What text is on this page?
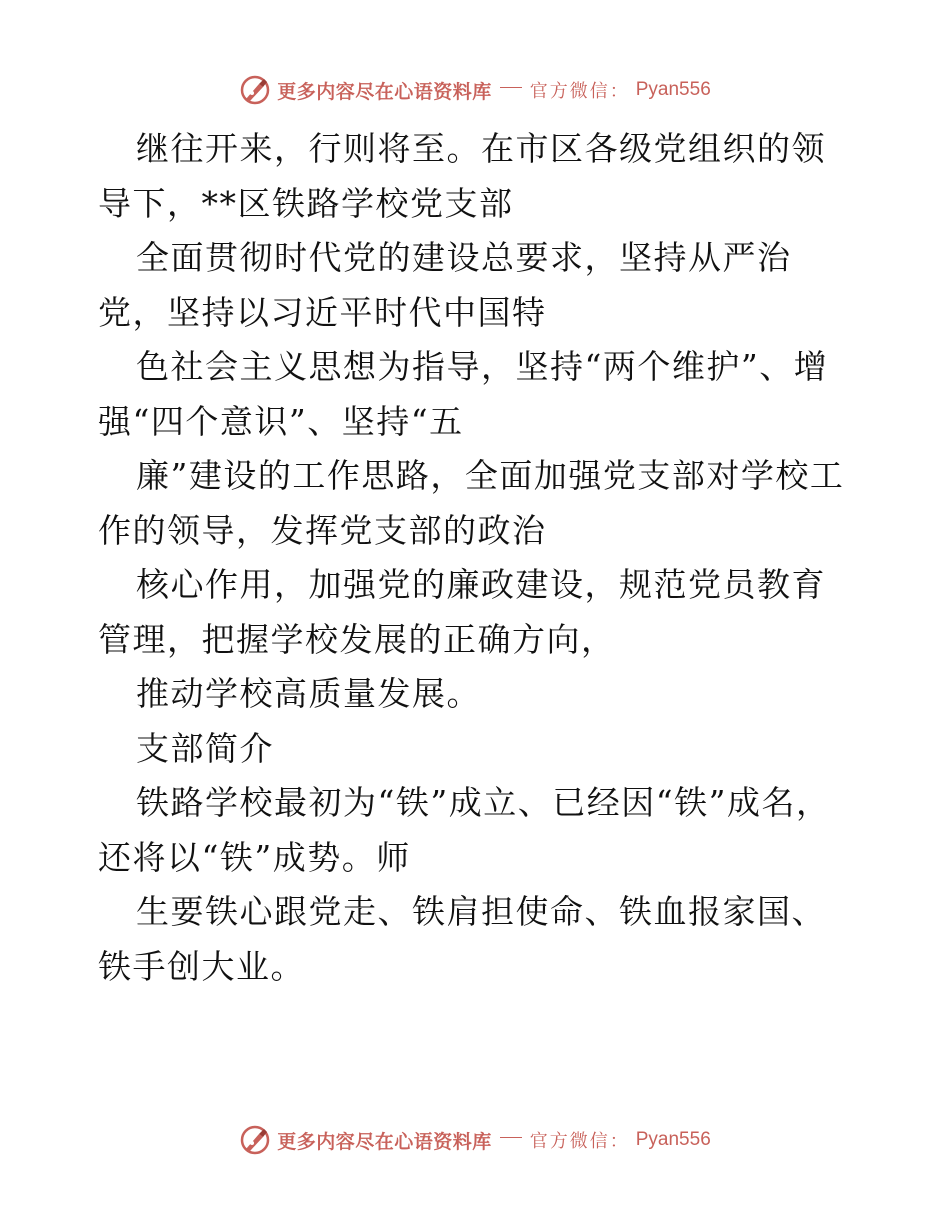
更多内容尽在心语资料库 官方微信： Pyan556

继往开来，行则将至。在市区各级党组织的领导下，**区铁路学校党支部

全面贯彻时代党的建设总要求，坚持从严治党，坚持以习近平时代中国特

色社会主义思想为指导，坚持“两个维护”、增强“四个意识”、坚持“五

廉”建设的工作思路，全面加强党支部对学校工作的领导，发挥党支部的政治

核心作用，加强党的廉政建设，规范党员教育管理，把握学校发展的正确方向，

推动学校高质量发展。

支部简介

铁路学校最初为“铁”成立、已经因“铁”成名，还将以“铁”成势。师

生要铁心跟党走、铁肩担使命、铁血报家国、铁手创大业。

更多内容尽在心语资料库 官方微信： Pyan556
